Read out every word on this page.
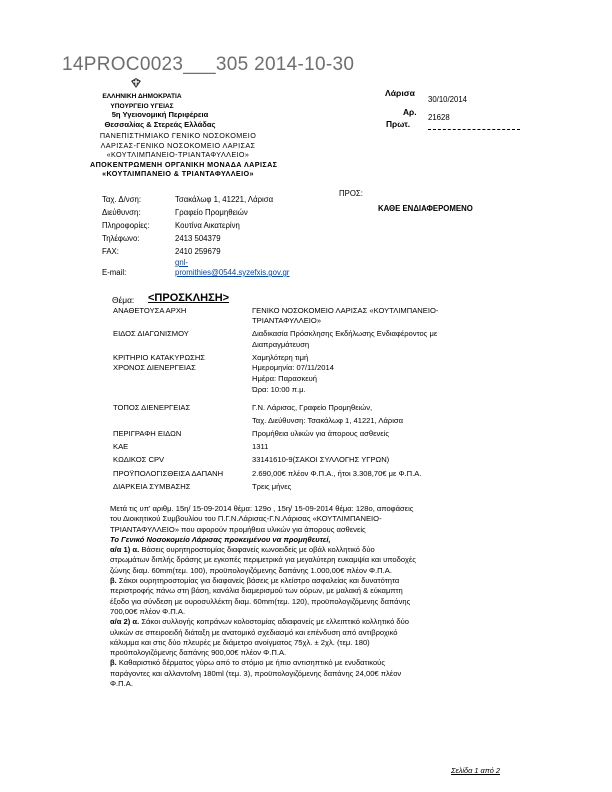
14PROC0023___305 2014-10-30
ΕΛΛΗΝΙΚΗ ΔΗΜΟΚΡΑΤΙΑ
ΥΠΟΥΡΓΕΙΟ ΥΓΕΙΑΣ
5η Υγειονομική Περιφέρεια
Θεσσαλίας & Στερεάς Ελλάδας
ΠΑΝΕΠΙΣΤΗΜΙΑΚΟ ΓΕΝΙΚΟ ΝΟΣΟΚΟΜΕΙΟ
ΛΑΡΙΣΑΣ-ΓΕΝΙΚΟ ΝΟΣΟΚΟΜΕΙΟ ΛΑΡΙΣΑΣ
«ΚΟΥΤΛΙΜΠΑΝΕΙΟ-ΤΡΙΑΝΤΑΦΥΛΛΕΙΟ»
ΑΠΟΚΕΝΤΡΩΜΕΝΗ ΟΡΓΑΝΙΚΗ ΜΟΝΑΔΑ ΛΑΡΙΣΑΣ
«ΚΟΥΤΛΙΜΠΑΝΕΙΟ & ΤΡΙΑΝΤΑΦΥΛΛΕΙΟ»
Λάρισα
30/10/2014
Αρ.
Πρωτ.
21628
ΠΡΟΣ:
ΚΑΘΕ ΕΝΔΙΑΦΕΡΟΜΕΝΟ
Ταχ. Δ/νση:	Τσακάλωφ 1, 41221, Λάρισα
Διεύθυνση:	Γραφείο Προμηθειών
Πληροφορίες:	Κουτίνα Αικατερίνη
Τηλέφωνο:	2413 504379
FAX:	2410 259679
gnl-
E-mail:	promithies@0544.syzefxis.gov.gr
Θέμα: <ΠΡΟΣΚΛΗΣΗ>
ΑΝΑΘΕΤΟΥΣΑ ΑΡΧΗ	ΓΕΝΙΚΟ ΝΟΣΟΚΟΜΕΙΟ ΛΑΡΙΣΑΣ «ΚΟΥΤΛΙΜΠΑΝΕΙΟ-
ΤΡΙΑΝΤΑΦΥΛΛΕΙΟ»

ΕΙΔΟΣ ΔΙΑΓΩΝΙΣΜΟΥ	Διαδικασία Πρόσκλησης Εκδήλωσης Ενδιαφέροντος με
Διαπραγμάτευση

ΚΡΙΤΗΡΙΟ ΚΑΤΑΚΥΡΩΣΗΣ	Χαμηλότερη τιμή
ΧΡΟΝΟΣ ΔΙΕΝΕΡΓΕΙΑΣ	Ημερομηνία: 07/11/2014
Ημέρα: Παρασκευή
Ώρα: 10:00 π.μ.

ΤΟΠΟΣ ΔΙΕΝΕΡΓΕΙΑΣ	Γ.Ν. Λάρισας, Γραφείο Προμηθειών,
Ταχ. Διεύθυνση: Τσακάλωφ 1, 41221, Λάρισα

ΠΕΡΙΓΡΑΦΗ ΕΙΔΩΝ	Προμήθεια υλικών για άπορους ασθενείς

ΚΑΕ	1311

ΚΩΔΙΚΟΣ CPV	33141610-9(ΣΑΚΟΙ ΣΥΛΛΟΓΗΣ ΥΓΡΩΝ)

ΠΡΟΫΠΟΛΟΓΙΣΘΕΙΣΑ ΔΑΠΑΝΗ	2.690,00€ πλέον Φ.Π.Α., ήτοι 3.308,70€ με Φ.Π.Α.

ΔΙΑΡΚΕΙΑ ΣΥΜΒΑΣΗΣ	Τρεις μήνες

Μετά τις υπ' αριθμ. 15η/ 15-09-2014 θέμα: 129ο , 15η/ 15-09-2014 θέμα: 128ο, αποφάσεις

του Διοικητικού Συμβουλίου του Π.Γ.Ν.Λάρισας-Γ.Ν.Λάρισας «ΚΟΥΤΛΙΜΠΑΝΕΙΟ-

ΤΡΙΑΝΤΑΦΥΛΛΕΙΟ» που αφορούν προμήθεια υλικών για άπορους ασθενείς

Το Γενικό Νοσοκομείο Λάρισας προκειμένου να προμηθευτεί,

α/α 1) α. Βάσεις ουρητηροστομίας διαφανείς κωνοειδείς με οβάλ κολλητικό δύο

στρωμάτων διπλής δράσης με εγκοπές περιμετρικά για μεγαλύτερη ευκαμψία και υποδοχές

ζώνης διαμ. 60mm(τεμ. 100), προϋπολογιζόμενης δαπάνης 1.000,00€ πλέον Φ.Π.Α.

β. Σάκοι ουρητηροστομίας για διαφανείς βάσεις με κλείστρο ασφαλείας και δυνατότητα

περιστροφής πάνω στη βάση, κανάλια διαμερισμού των ούρων, με μαλακή & εύκαμπτη

έξοδο για σύνδεση με ουροσυλλέκτη διαμ. 60mm(τεμ. 120), προϋπολογιζόμενης δαπάνης

700,00€ πλέον Φ.Π.Α.

α/α 2) α. Σάκοι συλλογής κοπράνων κολοστομίας αδιαφανείς με ελλειπτικό κολλητικό δύο

υλικών σε σπειροειδή διάταξη με ανατομικό σχεδιασμό και επένδυση από αντιβροχικό

κάλυμμα και στις δύο πλευρές με διάμετρο ανοίγματος 75χλ. ± 2χλ. (τεμ. 180)

προϋπολογιζόμενης δαπάνης 900,00€ πλέον Φ.Π.Α.

β. Καθαριστικό δέρματος γύρω από το στόμιο με ήπιο αντισηπτικό με ενυδατικούς

παράγοντες και αλλαντοΐνη 180ml (τεμ. 3), προϋπολογιζόμενης δαπάνης 24,00€ πλέον

Φ.Π.Α.

Σελίδα 1 από 2
